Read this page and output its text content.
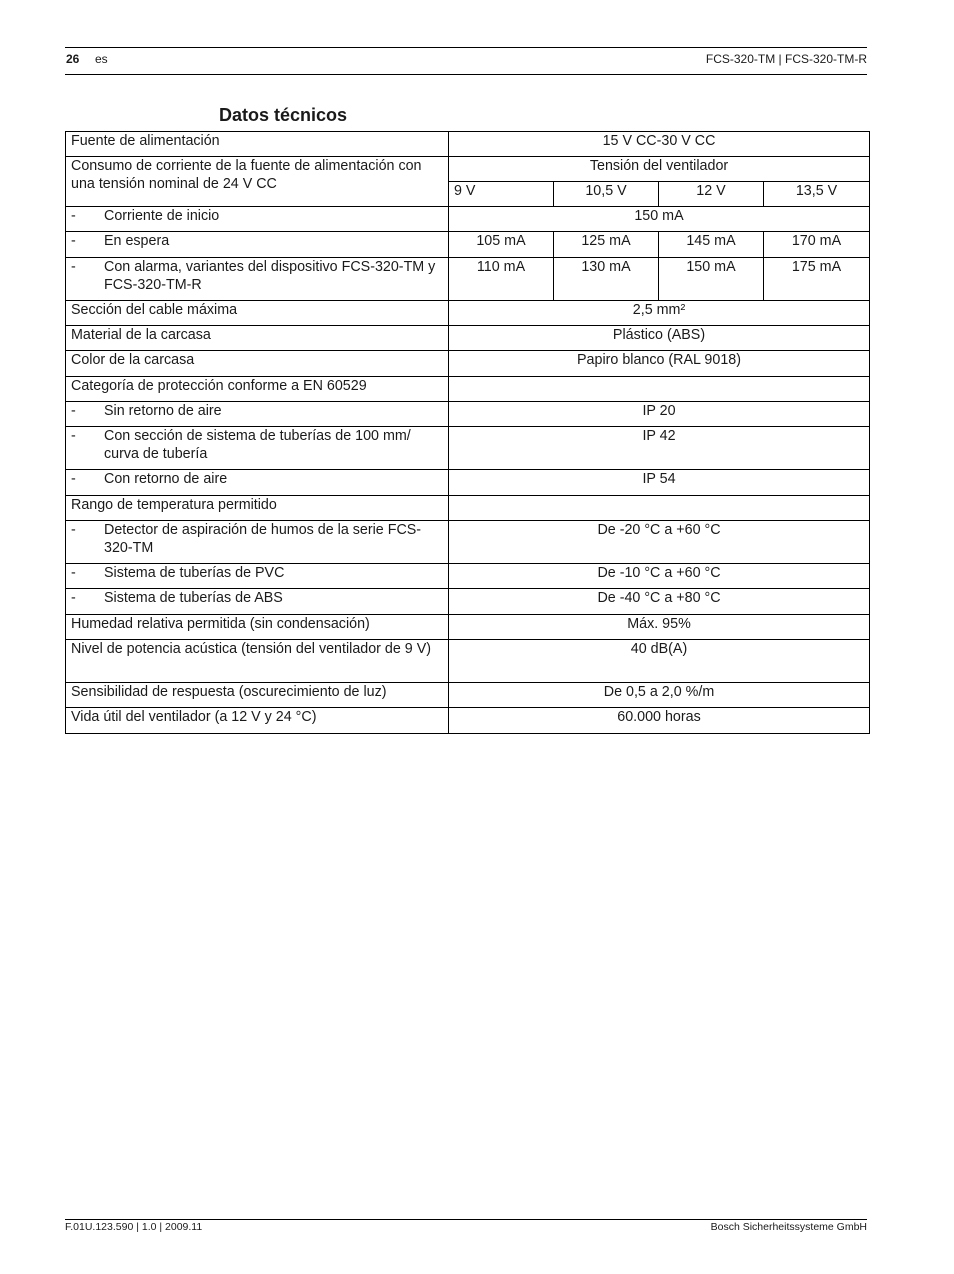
26 es	FCS-320-TM | FCS-320-TM-R
Datos técnicos
Fuente de alimentación	15 V CC-30 V CC			
Consumo de corriente de la fuente de alimentación con una tensión nominal de 24 V CC	Tensión del ventilador			
	9 V	10,5 V	12 V	13,5 V

- Corriente de inicio	150 mA			

- En espera	105 mA	125 mA	145 mA	170 mA

- Con alarma, variantes del dispositivo FCS-320-TM y FCS-320-TM-R	110 mA	130 mA	150 mA	175 mA
Sección del cable máxima	2,5 mm²			
Material de la carcasa	Plástico (ABS)			
Color de la carcasa	Papiro blanco (RAL 9018)			
Categoría de protección conforme a EN 60529				

- Sin retorno de aire	IP 20			

- Con sección de sistema de tuberías de 100 mm/ curva de tubería	IP 42			

- Con retorno de aire	IP 54			
Rango de temperatura permitido				

- Detector de aspiración de humos de la serie FCS-320-TM	De -20 °C a +60 °C			

- Sistema de tuberías de PVC	De -10 °C a +60 °C			

- Sistema de tuberías de ABS	De -40 °C a +80 °C			
Humedad relativa permitida (sin condensación)	Máx. 95%			
Nivel de potencia acústica (tensión del ventilador de 9 V)	40 dB(A)			
Sensibilidad de respuesta (oscurecimiento de luz)	De 0,5 a 2,0 %/m			
Vida útil del ventilador (a 12 V y 24 °C)	60.000 horas			
F.01U.123.590 | 1.0 | 2009.11	Bosch Sicherheitssysteme GmbH
